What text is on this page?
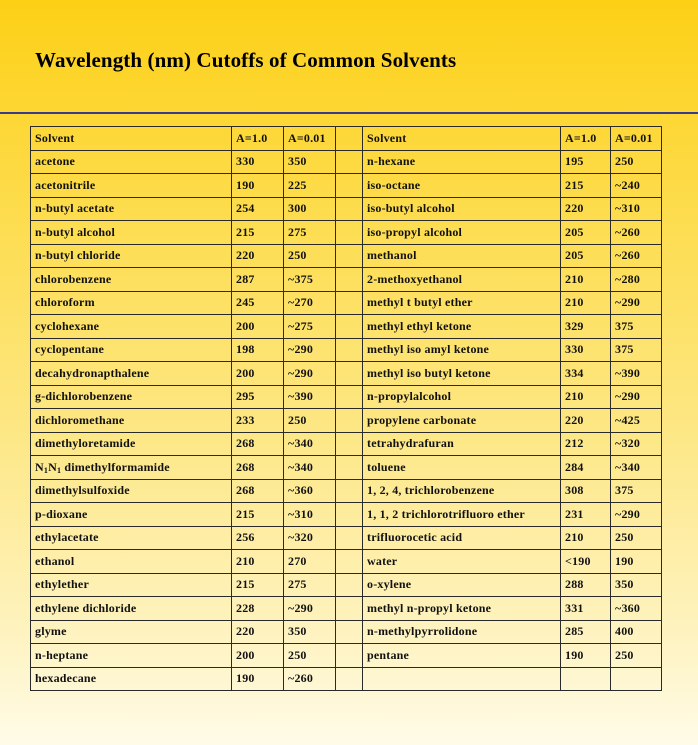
Wavelength (nm) Cutoffs of Common Solvents
Solvent	A=1.0	A=0.01		Solvent	A=1.0	A=0.01
acetone	330	350		n-hexane	195	250
acetonitrile	190	225		iso-octane	215	~240
n-butyl acetate	254	300		iso-butyl alcohol	220	~310
n-butyl alcohol	215	275		iso-propyl alcohol	205	~260
n-butyl chloride	220	250		methanol	205	~260
chlorobenzene	287	~375		2-methoxyethanol	210	~280
chloroform	245	~270		methyl t butyl ether	210	~290
cyclohexane	200	~275		methyl ethyl ketone	329	375
cyclopentane	198	~290		methyl iso amyl ketone	330	375
decahydronapthalene	200	~290		methyl iso butyl ketone	334	~390
g-dichlorobenzene	295	~390		n-propylalcohol	210	~290
dichloromethane	233	250		propylene carbonate	220	~425
dimethyloretamide	268	~340		tetrahydrafuran	212	~320
$N_1N_1$ dimethylformamide	268	~340		toluene	284	~340
dimethylsulfoxide	268	~360		1, 2, 4, trichlorobenzene	308	375
p-dioxane	215	~310		1, 1, 2 trichlorotrifluoro ether	231	~290
ethylacetate	256	~320		trifluorocetic acid	210	250
ethanol	210	270		water	<190	190
ethylether	215	275		o-xylene	288	350
ethylene dichloride	228	~290		methyl n-propyl ketone	331	~360
glyme	220	350		n-methylpyrrolidone	285	400
n-heptane	200	250		pentane	190	250
hexadecane	190	~260				
